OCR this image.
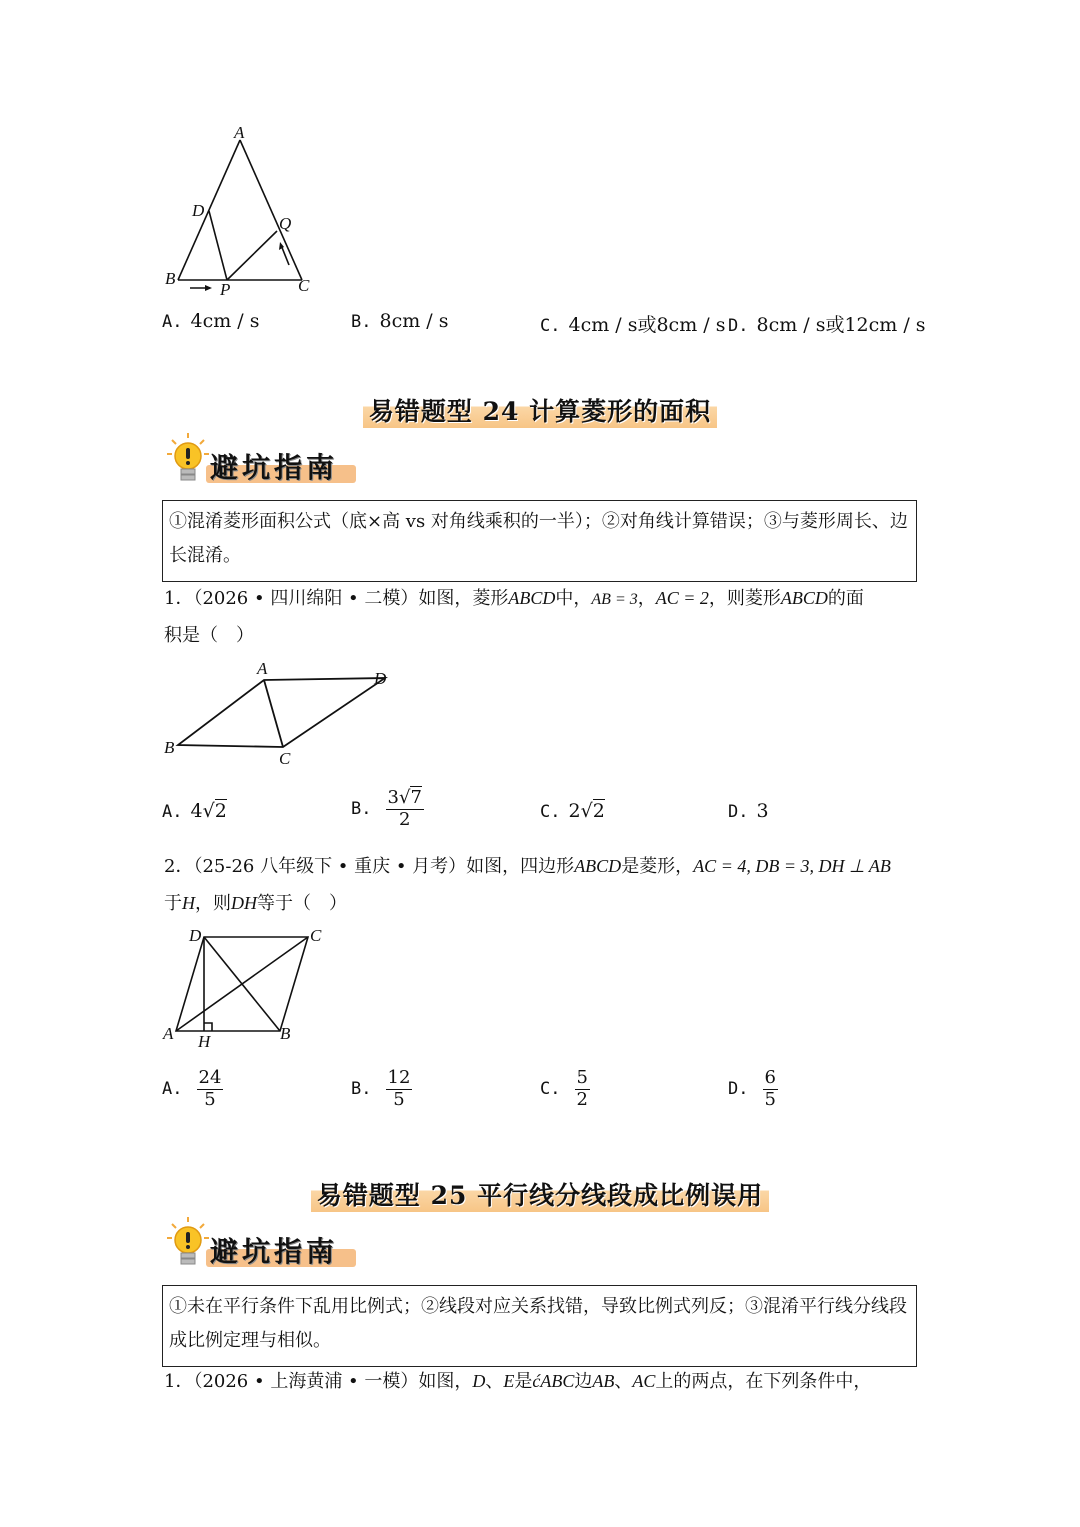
A
D
Q
B
P	C
A. 4cm / s	B. 8cm / s	C. 4cm / s或8cm / s D. 8cm / s或12cm / s
易错题型 24 计算菱形的面积
避坑指南
①混淆菱形面积公式（底×高 vs 对角线乘积的一半）；②对角线计算错误；③与菱形周长、边长混淆。
1．（2026 • 四川绵阳 • 二模）如图，菱形ABCD中，AB = 3，AC = 2，则菱形ABCD的面
积是（　）
A
D
B
C
A. 4√2	B. $\frac{3√7}{2}$	C. 2√2	D. 3
2．（25-26 八年级下 • 重庆 • 月考）如图，四边形ABCD是菱形，AC = 4, DB = 3, DH ⊥ AB
于H，则DH等于（　）
D	C
A H	B
A. $\frac{24}{5}$	B. $\frac{12}{5}$	C. $\frac{5}{2}$	D. $\frac{6}{5}$
易错题型 25 平行线分线段成比例误用
避坑指南
①未在平行条件下乱用比例式；②线段对应关系找错，导致比例式列反；③混淆平行线分线段成比例定理与相似。
1．（2026 • 上海黄浦 • 一模）如图，D、E是ćABC边AB、AC上的两点，在下列条件中，
